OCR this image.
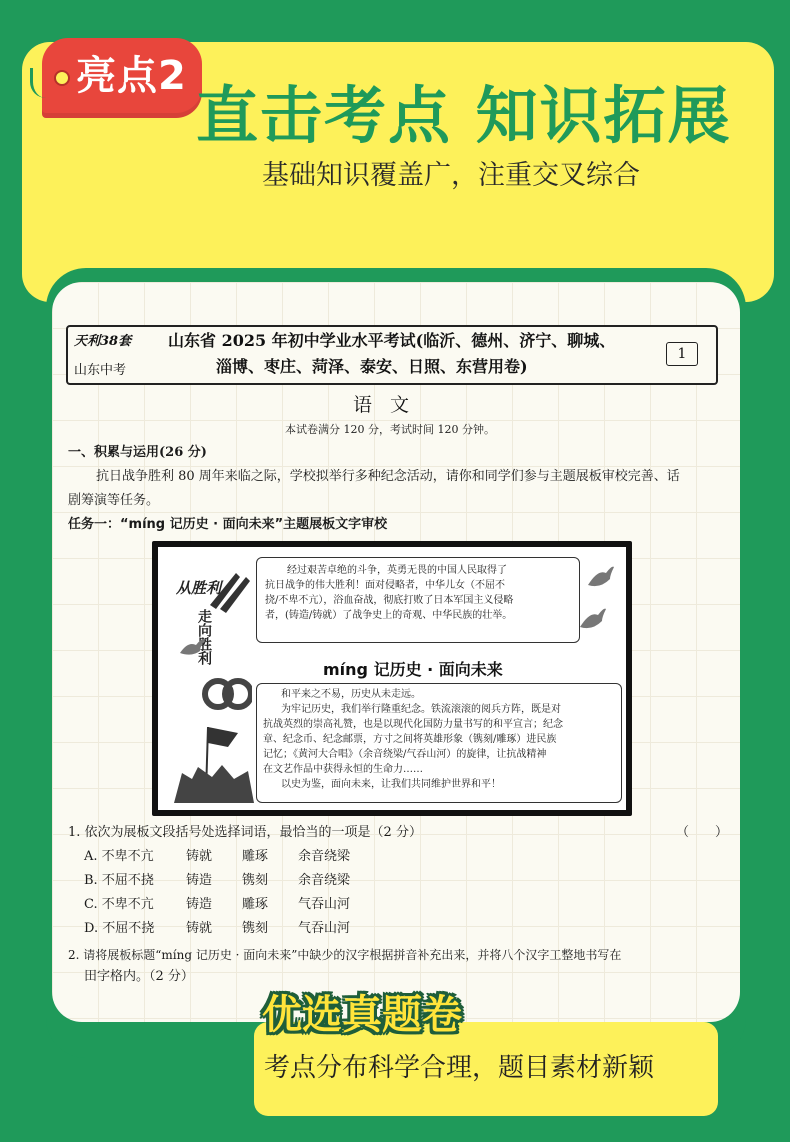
亮点2
直击考点 知识拓展
基础知识覆盖广，注重交叉综合
天利38套
山东中考
山东省 2025 年初中学业水平考试(临沂、德州、济宁、聊城、
淄博、枣庄、菏泽、泰安、日照、东营用卷)
1
语文
本试卷满分 120 分，考试时间 120 分钟。
一、积累与运用(26 分)
抗日战争胜利 80 周年来临之际，学校拟举行多种纪念活动，请你和同学们参与主题展板审校完善、话
剧筹演等任务。
任务一：“míng 记历史 · 面向未来”主题展板文字审校
从胜利
走向胜利
经过艰苦卓绝的斗争，英勇无畏的中国人民取得了
抗日战争的伟大胜利！面对侵略者，中华儿女（不屈不
挠/不卑不亢），浴血奋战，彻底打败了日本军国主义侵略
者，(铸造/铸就）了战争史上的奇观、中华民族的壮举。
míng 记历史 · 面向未来
和平来之不易，历史从未走远。
为牢记历史，我们举行隆重纪念。铁流滚滚的阅兵方阵，既是对
抗战英烈的崇高礼赞，也是以现代化国防力量书写的和平宣言；纪念
章、纪念币、纪念邮票，方寸之间将英雄形象（镌刻/雕琢）进民族
记忆；《黄河大合唱》（余音绕梁/气吞山河）的旋律，让抗战精神
在文艺作品中获得永恒的生命力……
以史为鉴，面向未来，让我们共同维护世界和平！
1. 依次为展板文段括号处选择词语，最恰当的一项是（2 分）	（　　）
A. 不卑不亢 铸就 雕琢 余音绕梁
B. 不屈不挠 铸造 镌刻 余音绕梁
C. 不卑不亢 铸造 雕琢 气吞山河
D. 不屈不挠 铸就 镌刻 气吞山河
2. 请将展板标题“míng 记历史 · 面向未来”中缺少的汉字根据拼音补充出来，并将八个汉字工整地书写在
田字格内。（2 分）
优选真题卷
考点分布科学合理，题目素材新颖
